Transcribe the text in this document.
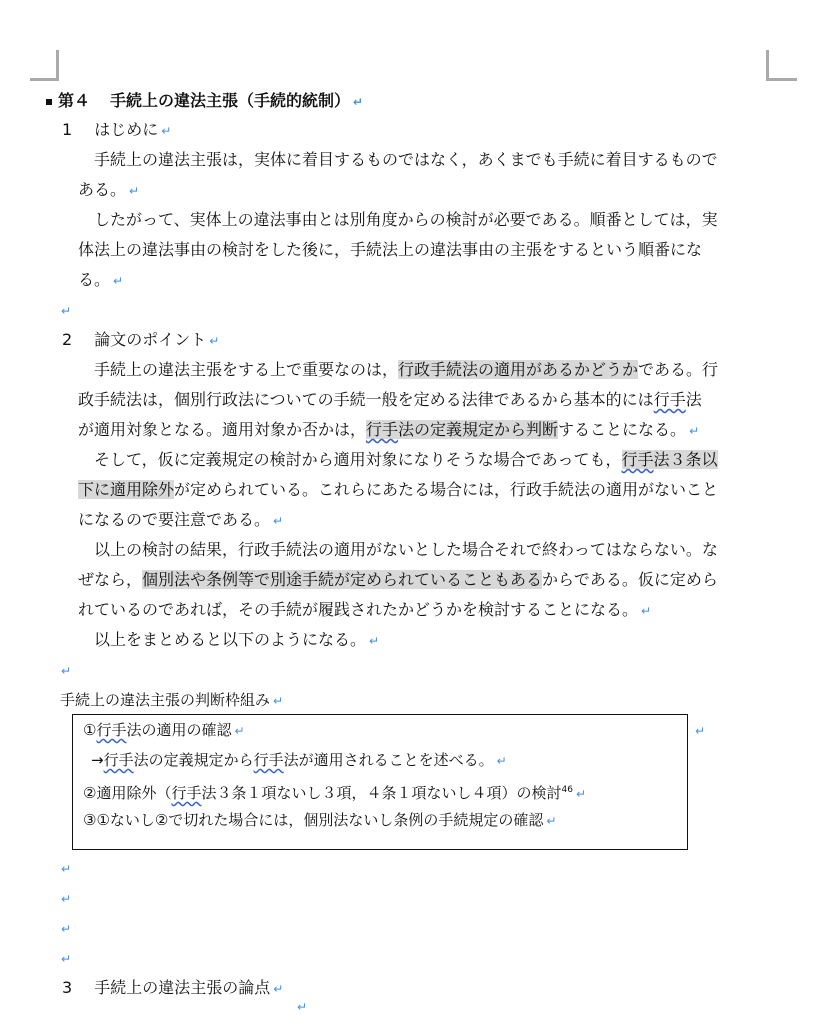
第４ 手続上の違法主張（手続的統制） ↵
1 はじめに ↵
手続上の違法主張は，実体に着目するものではなく，あくまでも手続に着目するもので
ある。 ↵
したがって、実体上の違法事由とは別角度からの検討が必要である。順番としては，実
体法上の違法事由の検討をした後に，手続法上の違法事由の主張をするという順番にな
る。 ↵
↵
2 論文のポイント ↵
手続上の違法主張をする上で重要なのは，行政手続法の適用があるかどうかである。行
政手続法は，個別行政法についての手続一般を定める法律であるから基本的には行手法
が適用対象となる。適用対象か否かは，行手法の定義規定から判断することになる。 ↵
そして，仮に定義規定の検討から適用対象になりそうな場合であっても，行手法３条以
下に適用除外が定められている。これらにあたる場合には，行政手続法の適用がないこと
になるので要注意である。 ↵
以上の検討の結果，行政手続法の適用がないとした場合それで終わってはならない。な
ぜなら，個別法や条例等で別途手続が定められていることもあるからである。仮に定めら
れているのであれば，その手続が履践されたかどうかを検討することになる。 ↵
以上をまとめると以下のようになる。 ↵
↵
手続上の違法主張の判断枠組み ↵
①行手法の適用の確認 ↵
→行手法の定義規定から行手法が適用されることを述べる。 ↵
②適用除外（行手法３条１項ないし３項，４条１項ないし４項）の検討$^{46}$ ↵
③①ないし②で切れた場合には，個別法ないし条例の手続規定の確認 ↵
↵
↵
↵
↵
↵
3 手続上の違法主張の論点 ↵
↵
